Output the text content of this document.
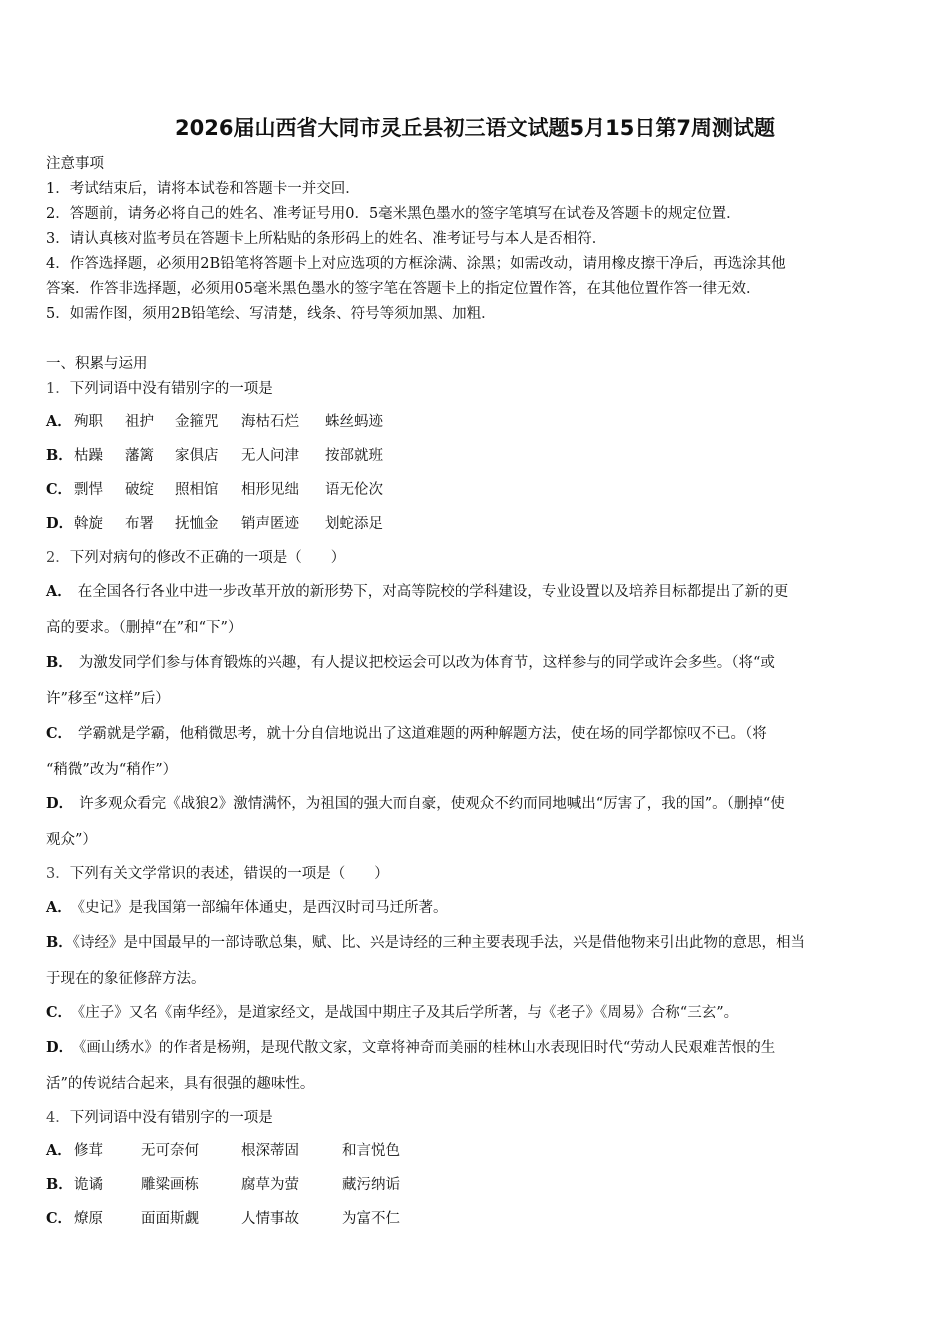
2026届山西省大同市灵丘县初三语文试题5月15日第7周测试题
注意事项
1．考试结束后，请将本试卷和答题卡一并交回．
2．答题前，请务必将自己的姓名、准考证号用0．5毫米黑色墨水的签字笔填写在试卷及答题卡的规定位置．
3．请认真核对监考员在答题卡上所粘贴的条形码上的姓名、准考证号与本人是否相符．
4．作答选择题，必须用2B铅笔将答题卡上对应选项的方框涂满、涂黑；如需改动，请用橡皮擦干净后，再选涂其他
答案．作答非选择题，必须用05毫米黑色墨水的签字笔在答题卡上的指定位置作答，在其他位置作答一律无效．
5．如需作图，须用2B铅笔绘、写清楚，线条、符号等须加黑、加粗．
一、积累与运用
1．下列词语中没有错别字的一项是
A． 殉职 祖护 金箍咒 海枯石烂 蛛丝蚂迹
B． 枯躁 藩篱 家俱店 无人问津 按部就班
C． 剽悍 破绽 照相馆 相形见绌 语无伦次
D． 斡旋 布署 抚恤金 销声匿迹 划蛇添足
2．下列对病句的修改不正确的一项是（　　）
A． 在全国各行各业中进一步改革开放的新形势下，对高等院校的学科建设，专业设置以及培养目标都提出了新的更
高的要求。（删掉“在”和“下”）
B． 为激发同学们参与体育锻炼的兴趣，有人提议把校运会可以改为体育节，这样参与的同学或许会多些。（将“或
许”移至“这样”后）
C． 学霸就是学霸，他稍微思考，就十分自信地说出了这道难题的两种解题方法，使在场的同学都惊叹不已。（将
“稍微”改为“稍作”）
D． 许多观众看完《战狼2》激情满怀，为祖国的强大而自豪，使观众不约而同地喊出“厉害了，我的国”。（删掉“使
观众”）
3．下列有关文学常识的表述，错误的一项是（　　）
A． 《史记》是我国第一部编年体通史，是西汉时司马迁所著。
B．《诗经》是中国最早的一部诗歌总集，赋、比、兴是诗经的三种主要表现手法，兴是借他物来引出此物的意思，相当
于现在的象征修辞方法。
C． 《庄子》又名《南华经》，是道家经文，是战国中期庄子及其后学所著，与《老子》《周易》合称“三玄”。
D． 《画山绣水》的作者是杨朔，是现代散文家，文章将神奇而美丽的桂林山水表现旧时代“劳动人民艰难苦恨的生
活”的传说结合起来，具有很强的趣味性。
4．下列词语中没有错别字的一项是
A． 修茸	无可奈何	根深蒂固	和言悦色
B． 诡谲	雕粱画栋	腐草为萤	藏污纳诟
C． 燎原	面面斯觑	人情事故	为富不仁
